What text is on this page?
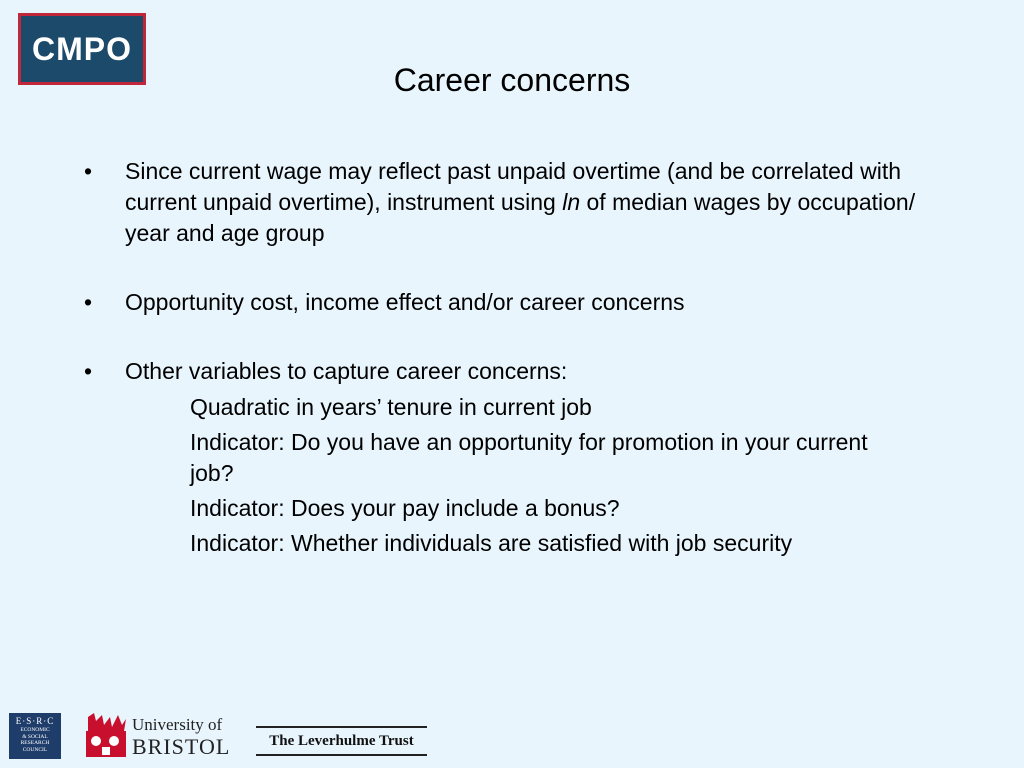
CMPO
Career concerns
•	Since current wage may reflect past unpaid overtime (and be correlated with current unpaid overtime), instrument using ln of median wages by occupation/ year and age group
•	Opportunity cost, income effect and/or career concerns
•	Other variables to capture career concerns:
Quadratic in years’ tenure in current job
Indicator: Do you have an opportunity for promotion in your current job?
Indicator: Does your pay include a bonus?
Indicator: Whether individuals are satisfied with job security
E·S·R·C
ECONOMIC
& SOCIAL
RESEARCH
COUNCIL
University of
BRISTOL	The Leverhulme Trust
